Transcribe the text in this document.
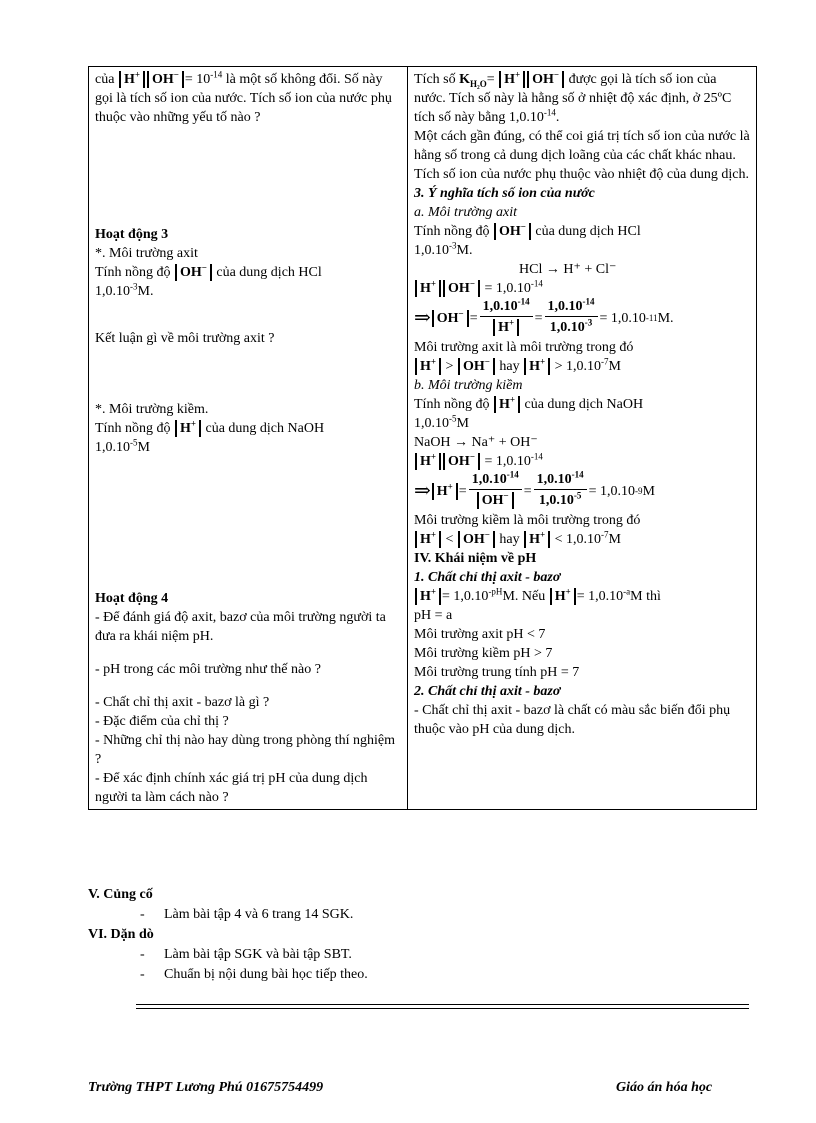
của H+ $OH^- = 10^{-14}$ là một số không đổi. Số này gọi là tích số ion của nước. Tích số ion của nước phụ thuộc vào những yếu tố nào ?
Hoạt động 3
*. Môi trường axit
Tính nồng độ OH− của dung dịch HCl
$1,0.10^{-3}M$.
Kết luận gì về môi trường axit ?
*. Môi trường kiềm.
Tính nồng độ H+ của dung dịch NaOH
$1,0.10^{-5}M$
Hoạt động 4
- Để đánh giá độ axit, bazơ của môi trường người ta đưa ra khái niệm pH.
- pH trong các môi trường như thế nào ?
- Chất chỉ thị axit - bazơ là gì ?
- Đặc điểm của chỉ thị ?
- Những chỉ thị nào hay dùng trong phòng thí nghiệm ?
- Để xác định chính xác giá trị pH của dung dịch người ta làm cách nào ?

Tích số $K_{H_2O}= H^+$ OH− được gọi là tích số ion của nước. Tích số này là hằng số ở nhiệt độ xác định, ở 25ºC tích số này bằng $1,0.10^{-14}$.
Một cách gần đúng, có thể coi giá trị tích số ion của nước là hằng số trong cả dung dịch loãng của các chất khác nhau.
Tích số ion của nước phụ thuộc vào nhiệt độ của dung dịch.
3. Ý nghĩa tích số ion của nước
a. Môi trường axit
Tính nồng độ OH− của dung dịch HCl
$1,0.10^{-3}M$.
HCl → H⁺ + Cl⁻
H+ $OH^- = 1,0.10^{-14}$
⇒ $OH^- = \frac{1,0.10^{-14}}{H^+} = \frac{1,0.10^{-14}}{1,0.10^{-3}} = 1,0.10$ -11 M.
Môi trường axit là môi trường trong đó
H+ > OH− hay $H^+ > 1,0.10^{-7}M$
b. Môi trường kiềm
Tính nồng độ H+ của dung dịch NaOH
$1,0.10^{-5}M$
NaOH → Na⁺ + OH⁻
H+ $OH^- = 1,0.10^{-14}$
⇒ $H^+ = \frac{1,0.10^{-14}}{OH^-} = \frac{1,0.10^{-14}}{1,0.10^{-5}} = 1,0.10$ -9 M
Môi trường kiềm là môi trường trong đó
H+ < OH− hay $H^+ < 1,0.10^{-7}M$
IV. Khái niệm về pH
1. Chất chỉ thị axit - bazơ
$H^+ = 1,0.10^{-pH}M$. Nếu $H^+ = 1,0.10^{-a}M$ thì
pH = a
Môi trường axit pH < 7
Môi trường kiềm pH > 7
Môi trường trung tính pH = 7
2. Chất chỉ thị axit - bazơ
- Chất chỉ thị axit - bazơ là chất có màu sắc biến đổi phụ thuộc vào pH của dung dịch.
V. Củng cố
- Làm bài tập 4 và 6 trang 14 SGK.
VI. Dặn dò
- Làm bài tập SGK và bài tập SBT.
- Chuẩn bị nội dung bài học tiếp theo.
Trường THPT Lương Phú 01675754499	Giáo án hóa học
